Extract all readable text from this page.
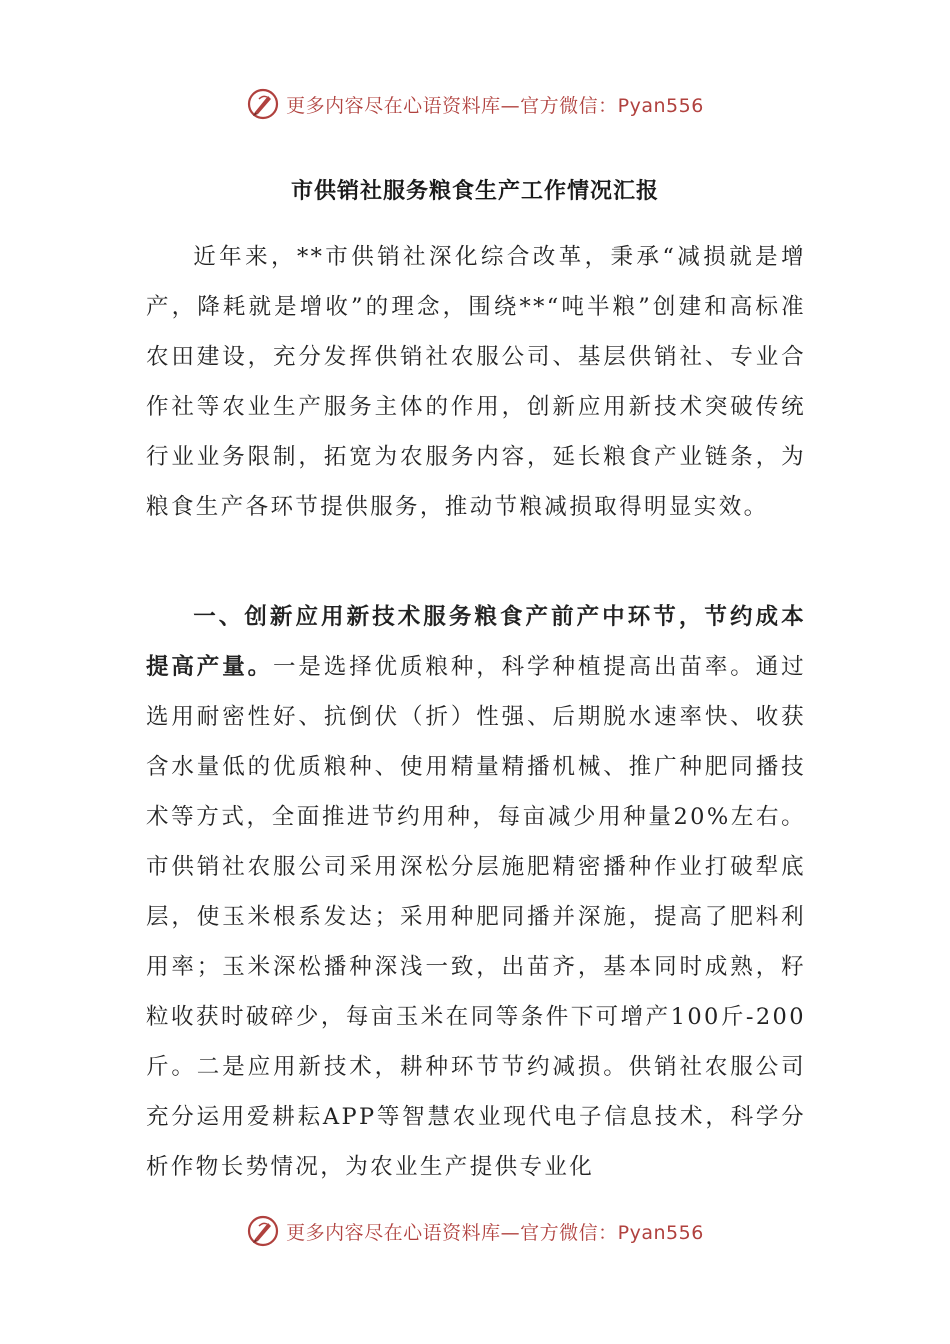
更多内容尽在心语资料库—官方微信：Pyan556
市供销社服务粮食生产工作情况汇报

近年来，**市供销社深化综合改革，秉承“减损就是增产，降耗就是增收”的理念，围绕**“吨半粮”创建和高标准农田建设，充分发挥供销社农服公司、基层供销社、专业合作社等农业生产服务主体的作用，创新应用新技术突破传统行业业务限制，拓宽为农服务内容，延长粮食产业链条，为粮食生产各环节提供服务，推动节粮减损取得明显实效。

一、创新应用新技术服务粮食产前产中环节，节约成本提高产量。一是选择优质粮种，科学种植提高出苗率。通过选用耐密性好、抗倒伏（折）性强、后期脱水速率快、收获含水量低的优质粮种、使用精量精播机械、推广种肥同播技术等方式，全面推进节约用种，每亩减少用种量20%左右。市供销社农服公司采用深松分层施肥精密播种作业打破犁底层，使玉米根系发达；采用种肥同播并深施，提高了肥料利用率；玉米深松播种深浅一致，出苗齐，基本同时成熟，籽粒收获时破碎少，每亩玉米在同等条件下可增产100斤-200斤。二是应用新技术，耕种环节节约减损。供销社农服公司充分运用爱耕耘APP等智慧农业现代电子信息技术，科学分析作物长势情况，为农业生产提供专业化

更多内容尽在心语资料库—官方微信：Pyan556
